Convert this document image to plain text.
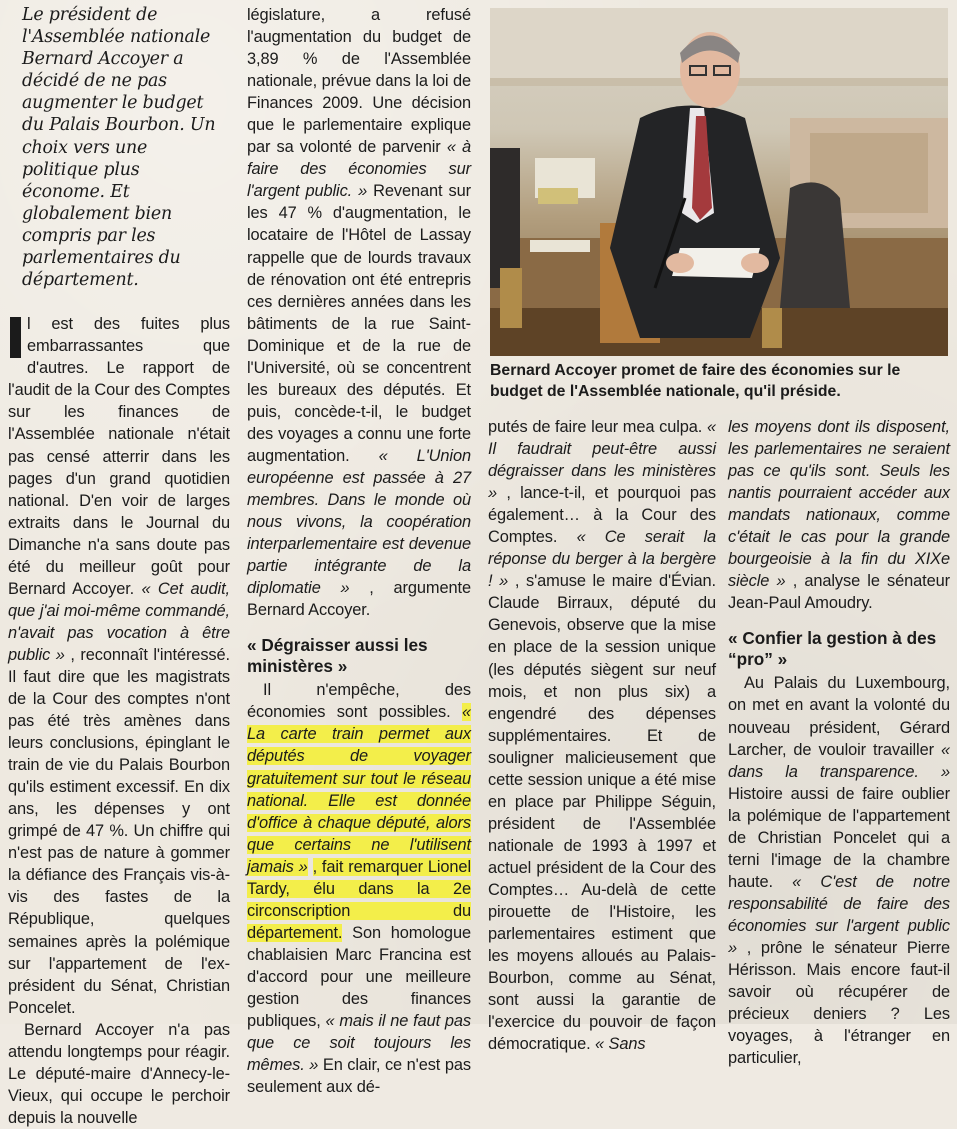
Le président de l'Assemblée nationale Bernard Accoyer a décidé de ne pas augmenter le budget du Palais Bourbon. Un choix vers une politique plus économe. Et globalement bien compris par les parlementaires du département.

l est des fuites plus embarrassantes que d'autres. Le rapport de l'audit de la Cour des Comptes sur les finances de l'Assemblée nationale n'était pas censé atterrir dans les pages d'un grand quotidien national. D'en voir de larges extraits dans le Journal du Dimanche n'a sans doute pas été du meilleur goût pour Bernard Accoyer. « Cet audit, que j'ai moi-même commandé, n'avait pas vocation à être public » , reconnaît l'intéressé. Il faut dire que les magistrats de la Cour des comptes n'ont pas été très amènes dans leurs conclusions, épinglant le train de vie du Palais Bourbon qu'ils estiment excessif. En dix ans, les dépenses y ont grimpé de 47 %. Un chiffre qui n'est pas de nature à gommer la défiance des Français vis-à-vis des fastes de la République, quelques semaines après la polémique sur l'appartement de l'ex-président du Sénat, Christian Poncelet.

Bernard Accoyer n'a pas attendu longtemps pour réagir. Le député-maire d'Annecy-le-Vieux, qui occupe le perchoir depuis la nouvelle

législature, a refusé l'augmentation du budget de 3,89 % de l'Assemblée nationale, prévue dans la loi de Finances 2009. Une décision que le parlementaire explique par sa volonté de parvenir « à faire des économies sur l'argent public. » Revenant sur les 47 % d'augmentation, le locataire de l'Hôtel de Lassay rappelle que de lourds travaux de rénovation ont été entrepris ces dernières années dans les bâtiments de la rue Saint-Dominique et de la rue de l'Université, où se concentrent les bureaux des députés. Et puis, concède-t-il, le budget des voyages a connu une forte augmentation. « L'Union européenne est passée à 27 membres. Dans le monde où nous vivons, la coopération interparlementaire est devenue partie intégrante de la diplomatie » , argumente Bernard Accoyer.

« Dégraisser aussi les ministères »

Il n'empêche, des économies sont possibles. « La carte train permet aux députés de voyager gratuitement sur tout le réseau national. Elle est donnée d'office à chaque député, alors que certains ne l'utilisent jamais » , fait remarquer Lionel Tardy, élu dans la 2e circonscription du département. Son homologue chablaisien Marc Francina est d'accord pour une meilleure gestion des finances publiques, « mais il ne faut pas que ce soit toujours les mêmes. » En clair, ce n'est pas seulement aux dé-

Bernard Accoyer promet de faire des économies sur le budget de l'Assemblée nationale, qu'il préside.

putés de faire leur mea culpa. « Il faudrait peut-être aussi dégraisser dans les ministères » , lance-t-il, et pourquoi pas également… à la Cour des Comptes. « Ce serait la réponse du berger à la bergère ! » , s'amuse le maire d'Évian. Claude Birraux, député du Genevois, observe que la mise en place de la session unique (les députés siègent sur neuf mois, et non plus six) a engendré des dépenses supplémentaires. Et de souligner malicieusement que cette session unique a été mise en place par Philippe Séguin, président de l'Assemblée nationale de 1993 à 1997 et actuel président de la Cour des Comptes… Au-delà de cette pirouette de l'Histoire, les parlementaires estiment que les moyens alloués au Palais-Bourbon, comme au Sénat, sont aussi la garantie de l'exercice du pouvoir de façon démocratique. « Sans

les moyens dont ils disposent, les parlementaires ne seraient pas ce qu'ils sont. Seuls les nantis pourraient accéder aux mandats nationaux, comme c'était le cas pour la grande bourgeoisie à la fin du XIXe siècle » , analyse le sénateur Jean-Paul Amoudry.

« Confier la gestion à des “pro” »

Au Palais du Luxembourg, on met en avant la volonté du nouveau président, Gérard Larcher, de vouloir travailler « dans la transparence. » Histoire aussi de faire oublier la polémique de l'appartement de Christian Poncelet qui a terni l'image de la chambre haute. « C'est de notre responsabilité de faire des économies sur l'argent public » , prône le sénateur Pierre Hérisson. Mais encore faut-il savoir où récupérer de précieux deniers ? Les voyages, à l'étranger en particulier,
